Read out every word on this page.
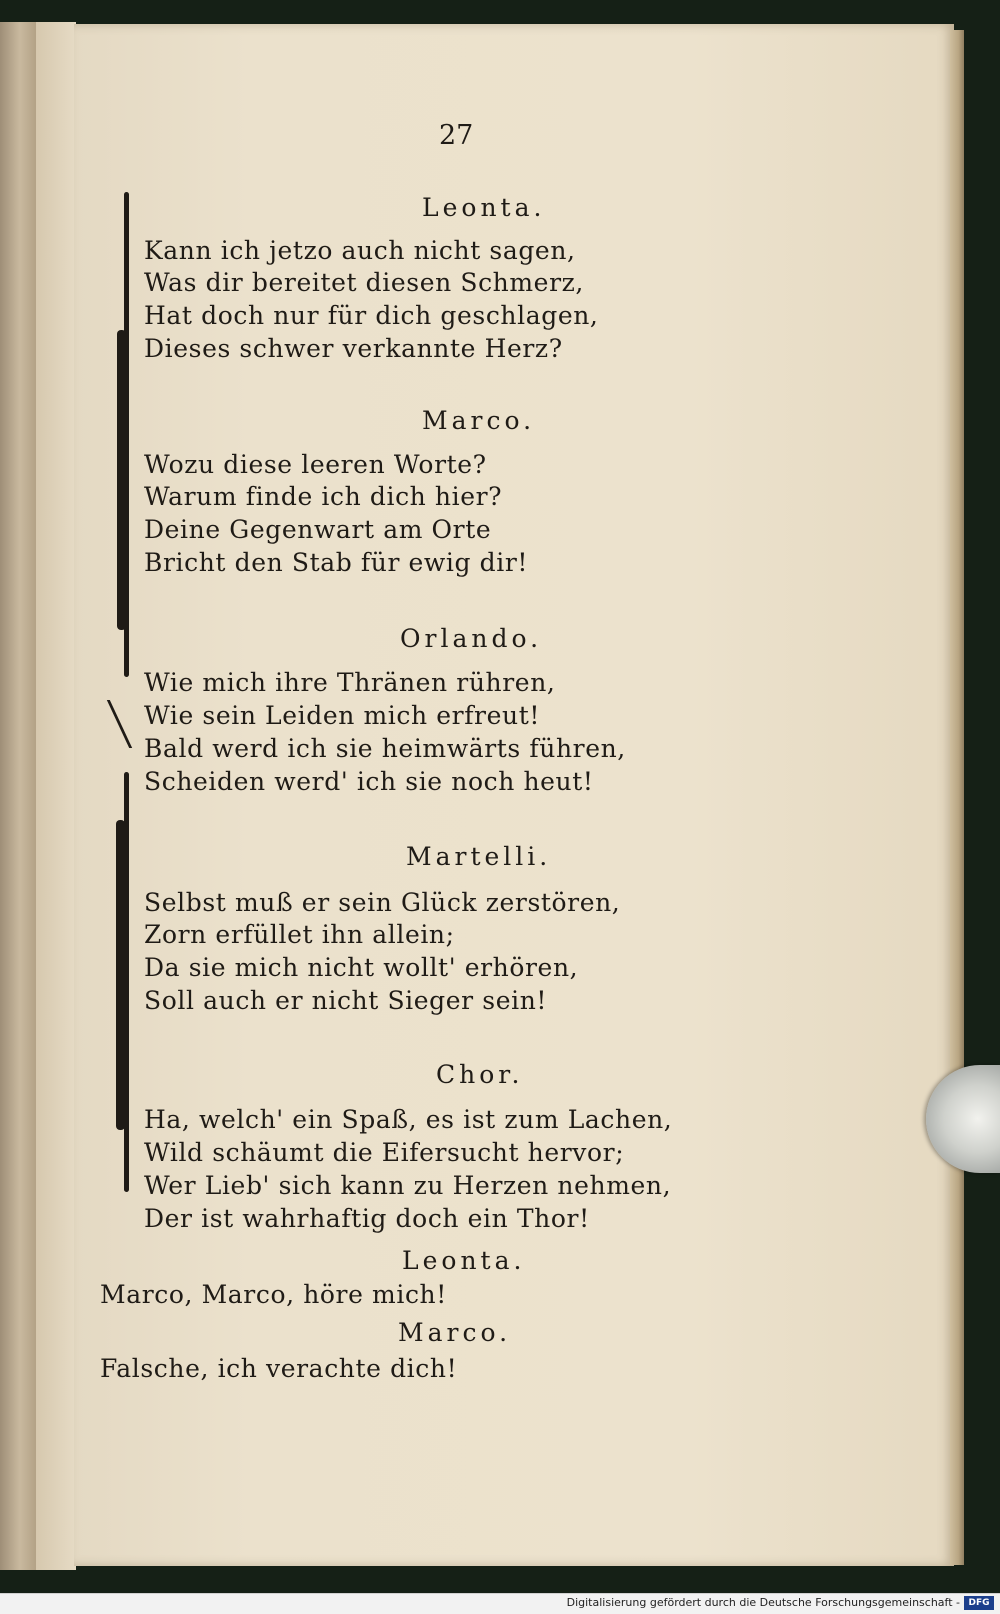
27
Leonta.
Kann ich jetzo auch nicht sagen,
Was dir bereitet diesen Schmerz,
Hat doch nur für dich geschlagen,
Dieses schwer verkannte Herz?
Marco.
Wozu diese leeren Worte?
Warum finde ich dich hier?
Deine Gegenwart am Orte
Bricht den Stab für ewig dir!
Orlando.
Wie mich ihre Thränen rühren,
Wie sein Leiden mich erfreut!
Bald werd ich sie heimwärts führen,
Scheiden werd' ich sie noch heut!
Martelli.
Selbst muß er sein Glück zerstören,
Zorn erfüllet ihn allein;
Da sie mich nicht wollt' erhören,
Soll auch er nicht Sieger sein!
Chor.
Ha, welch' ein Spaß, es ist zum Lachen,
Wild schäumt die Eifersucht hervor;
Wer Lieb' sich kann zu Herzen nehmen,
Der ist wahrhaftig doch ein Thor!
Leonta.
Marco, Marco, höre mich!
Marco.
Falsche, ich verachte dich!
Digitalisierung gefördert durch die Deutsche Forschungsgemeinschaft - DFG
